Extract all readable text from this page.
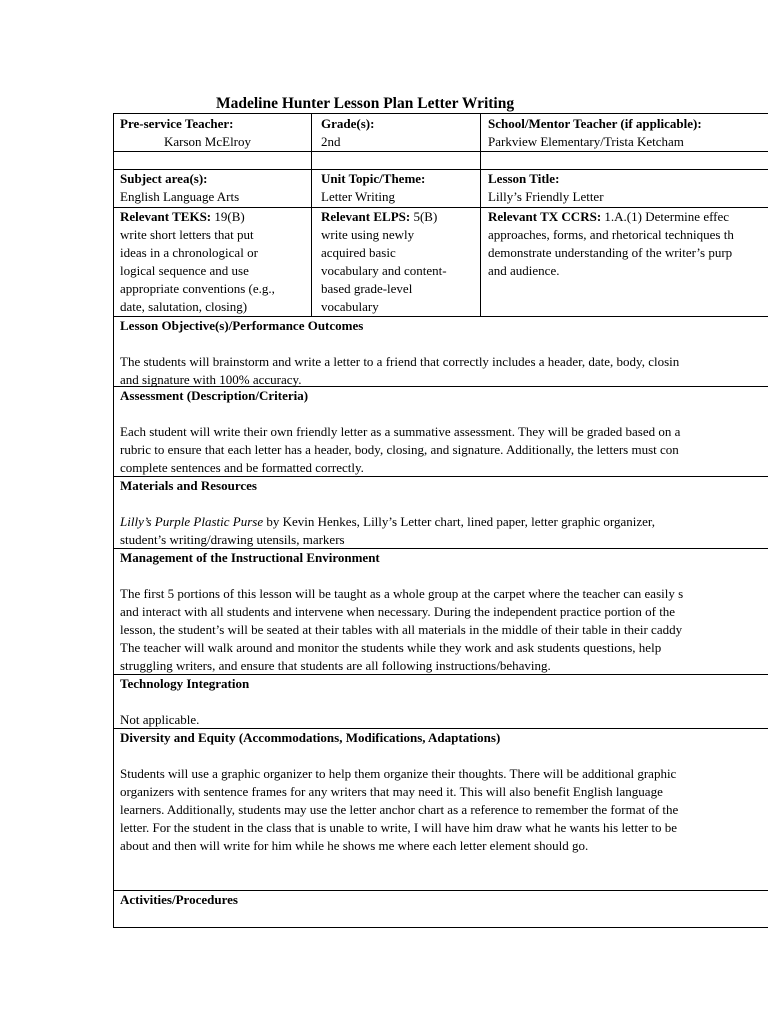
Madeline Hunter Lesson Plan Letter Writing
Pre-service Teacher:
Karson McElroy
Grade(s):
2nd
School/Mentor Teacher (if applicable):
Parkview Elementary/Trista Ketcham
Subject area(s):
English Language Arts
Unit Topic/Theme:
Letter Writing
Lesson Title:
Lilly’s Friendly Letter
Relevant TEKS: 19(B)
write short letters that put
ideas in a chronological or
logical sequence and use
appropriate conventions (e.g.,
date, salutation, closing)
Relevant ELPS: 5(B)
write using newly
acquired basic
vocabulary and content-
based grade-level
vocabulary
Relevant TX CCRS: 1.A.(1) Determine effec
approaches, forms, and rhetorical techniques th
demonstrate understanding of the writer’s purp
and audience.
Lesson Objective(s)/Performance Outcomes
The students will brainstorm and write a letter to a friend that correctly includes a header, date, body, closin
and signature with 100% accuracy.
Assessment (Description/Criteria)
Each student will write their own friendly letter as a summative assessment. They will be graded based on a
rubric to ensure that each letter has a header, body, closing, and signature. Additionally, the letters must con
complete sentences and be formatted correctly.
Materials and Resources
Lilly’s Purple Plastic Purse by Kevin Henkes, Lilly’s Letter chart, lined paper, letter graphic organizer,
student’s writing/drawing utensils, markers
Management of the Instructional Environment
The first 5 portions of this lesson will be taught as a whole group at the carpet where the teacher can easily s
and interact with all students and intervene when necessary. During the independent practice portion of the
lesson, the student’s will be seated at their tables with all materials in the middle of their table in their caddy
The teacher will walk around and monitor the students while they work and ask students questions, help
struggling writers, and ensure that students are all following instructions/behaving.
Technology Integration
Not applicable.
Diversity and Equity (Accommodations, Modifications, Adaptations)
Students will use a graphic organizer to help them organize their thoughts. There will be additional graphic
organizers with sentence frames for any writers that may need it. This will also benefit English language
learners. Additionally, students may use the letter anchor chart as a reference to remember the format of the
letter. For the student in the class that is unable to write, I will have him draw what he wants his letter to be
about and then will write for him while he shows me where each letter element should go.
Activities/Procedures
